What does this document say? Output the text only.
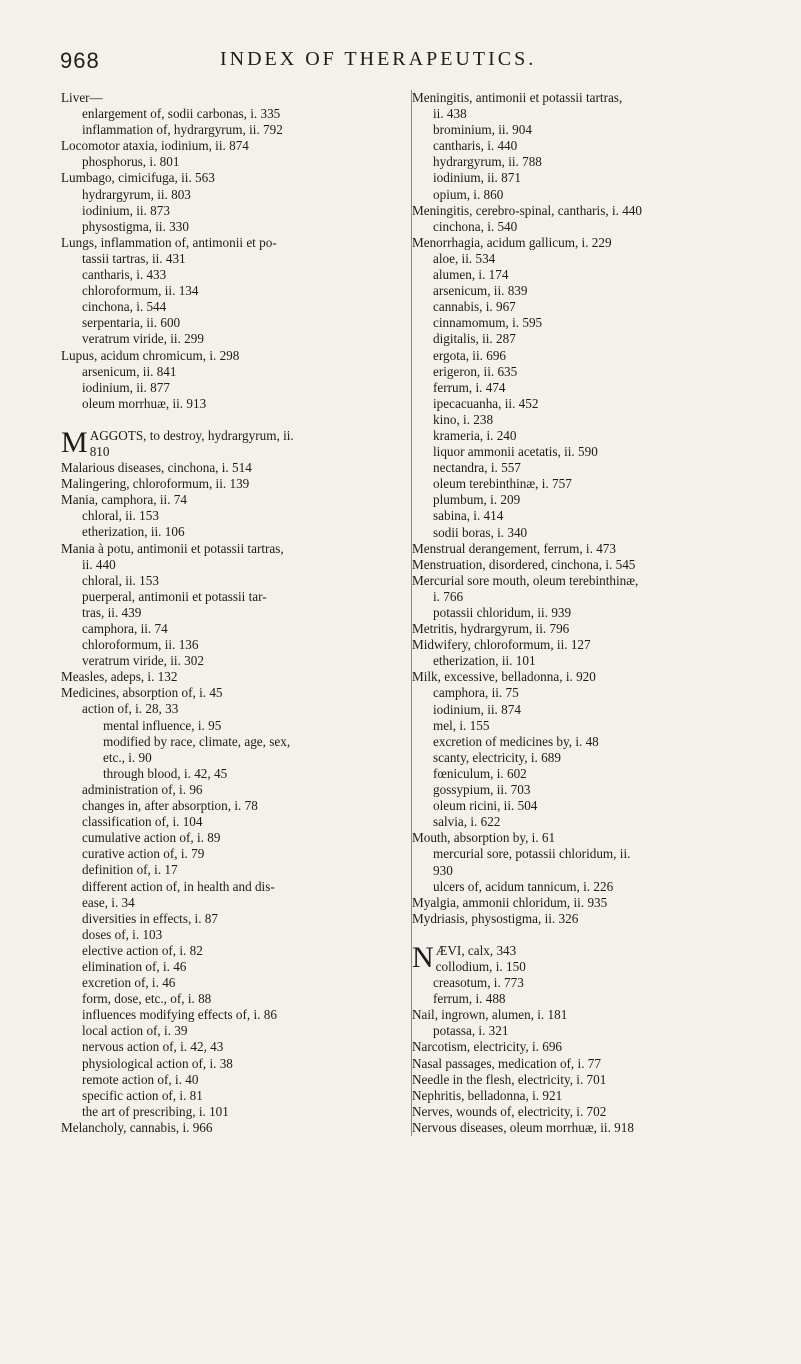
968	INDEX OF THERAPEUTICS.
Liver—
enlargement of, sodii carbonas, i. 335
inflammation of, hydrargyrum, ii. 792
Locomotor ataxia, iodinium, ii. 874
phosphorus, i. 801
Lumbago, cimicifuga, ii. 563
hydrargyrum, ii. 803
iodinium, ii. 873
physostigma, ii. 330
Lungs, inflammation of, antimonii et po-
tassii tartras, ii. 431
cantharis, i. 433
chloroformum, ii. 134
cinchona, i. 544
serpentaria, ii. 600
veratrum viride, ii. 299
Lupus, acidum chromicum, i. 298
arsenicum, ii. 841
iodinium, ii. 877
oleum morrhuæ, ii. 913
M AGGOTS, to destroy, hydrargyrum, ii.
810
Malarious diseases, cinchona, i. 514
Malingering, chloroformum, ii. 139
Mania, camphora, ii. 74
chloral, ii. 153
etherization, ii. 106
Mania à potu, antimonii et potassii tartras,
ii. 440
chloral, ii. 153
puerperal, antimonii et potassii tar-
tras, ii. 439
camphora, ii. 74
chloroformum, ii. 136
veratrum viride, ii. 302
Measles, adeps, i. 132
Medicines, absorption of, i. 45
action of, i. 28, 33
mental influence, i. 95
modified by race, climate, age, sex,
etc., i. 90
through blood, i. 42, 45
administration of, i. 96
changes in, after absorption, i. 78
classification of, i. 104
cumulative action of, i. 89
curative action of, i. 79
definition of, i. 17
different action of, in health and dis-
ease, i. 34
diversities in effects, i. 87
doses of, i. 103
elective action of, i. 82
elimination of, i. 46
excretion of, i. 46
form, dose, etc., of, i. 88
influences modifying effects of, i. 86
local action of, i. 39
nervous action of, i. 42, 43
physiological action of, i. 38
remote action of, i. 40
specific action of, i. 81
the art of prescribing, i. 101
Melancholy, cannabis, i. 966
Meningitis, antimonii et potassii tartras,
ii. 438
brominium, ii. 904
cantharis, i. 440
hydrargyrum, ii. 788
iodinium, ii. 871
opium, i. 860
Meningitis, cerebro-spinal, cantharis, i. 440
cinchona, i. 540
Menorrhagia, acidum gallicum, i. 229
aloe, ii. 534
alumen, i. 174
arsenicum, ii. 839
cannabis, i. 967
cinnamomum, i. 595
digitalis, ii. 287
ergota, ii. 696
erigeron, ii. 635
ferrum, i. 474
ipecacuanha, ii. 452
kino, i. 238
krameria, i. 240
liquor ammonii acetatis, ii. 590
nectandra, i. 557
oleum terebinthinæ, i. 757
plumbum, i. 209
sabina, i. 414
sodii boras, i. 340
Menstrual derangement, ferrum, i. 473
Menstruation, disordered, cinchona, i. 545
Mercurial sore mouth, oleum terebinthinæ,
i. 766
potassii chloridum, ii. 939
Metritis, hydrargyrum, ii. 796
Midwifery, chloroformum, ii. 127
etherization, ii. 101
Milk, excessive, belladonna, i. 920
camphora, ii. 75
iodinium, ii. 874
mel, i. 155
excretion of medicines by, i. 48
scanty, electricity, i. 689
fœniculum, i. 602
gossypium, ii. 703
oleum ricini, ii. 504
salvia, i. 622
Mouth, absorption by, i. 61
mercurial sore, potassii chloridum, ii.
930
ulcers of, acidum tannicum, i. 226
Myalgia, ammonii chloridum, ii. 935
Mydriasis, physostigma, ii. 326
N ÆVI, calx, 343
collodium, i. 150
creasotum, i. 773
ferrum, i. 488
Nail, ingrown, alumen, i. 181
potassa, i. 321
Narcotism, electricity, i. 696
Nasal passages, medication of, i. 77
Needle in the flesh, electricity, i. 701
Nephritis, belladonna, i. 921
Nerves, wounds of, electricity, i. 702
Nervous diseases, oleum morrhuæ, ii. 918
